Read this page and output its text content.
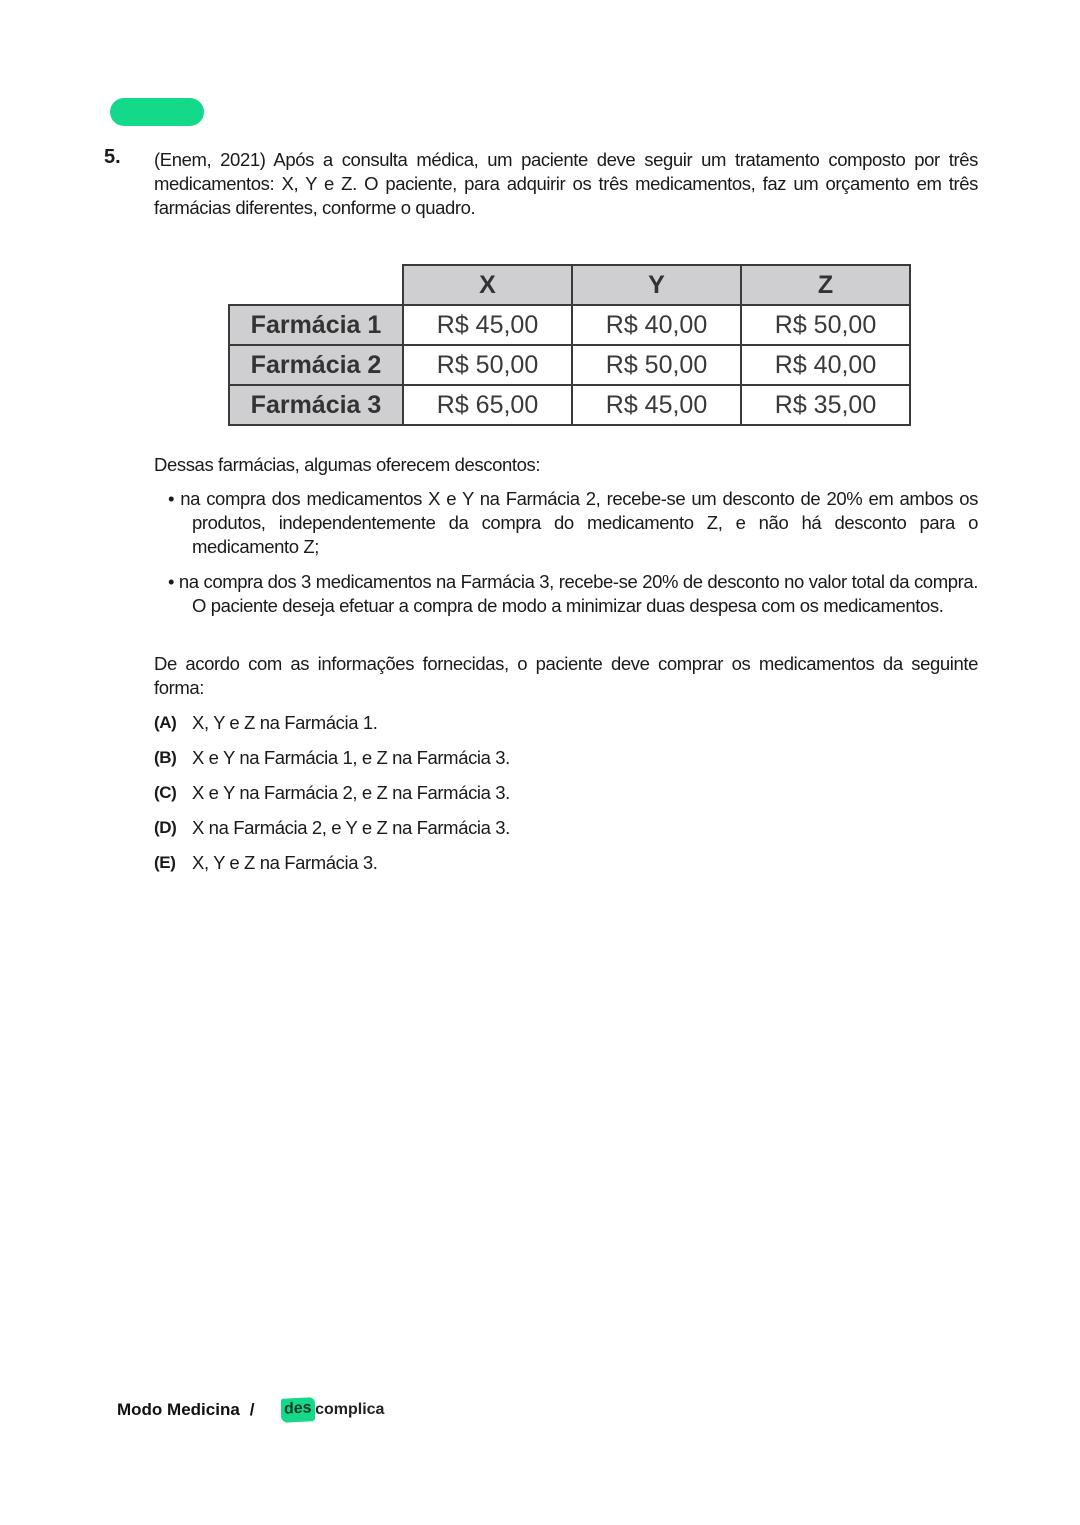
5. (Enem, 2021) Após a consulta médica, um paciente deve seguir um tratamento composto por três medicamentos: X, Y e Z. O paciente, para adquirir os três medicamentos, faz um orçamento em três farmácias diferentes, conforme o quadro.
	X	Y	Z
Farmácia 1	R$ 45,00	R$ 40,00	R$ 50,00
Farmácia 2	R$ 50,00	R$ 50,00	R$ 40,00
Farmácia 3	R$ 65,00	R$ 45,00	R$ 35,00
Dessas farmácias, algumas oferecem descontos:
• na compra dos medicamentos X e Y na Farmácia 2, recebe-se um desconto de 20% em ambos os produtos, independentemente da compra do medicamento Z, e não há desconto para o medicamento Z;
• na compra dos 3 medicamentos na Farmácia 3, recebe-se 20% de desconto no valor total da compra. O paciente deseja efetuar a compra de modo a minimizar duas despesa com os medicamentos.
De acordo com as informações fornecidas, o paciente deve comprar os medicamentos da seguinte forma:
(A) X, Y e Z na Farmácia 1.
(B) X e Y na Farmácia 1, e Z na Farmácia 3.
(C) X e Y na Farmácia 2, e Z na Farmácia 3.
(D) X na Farmácia 2, e Y e Z na Farmácia 3.
(E) X, Y e Z na Farmácia 3.
Modo Medicina / des complica
